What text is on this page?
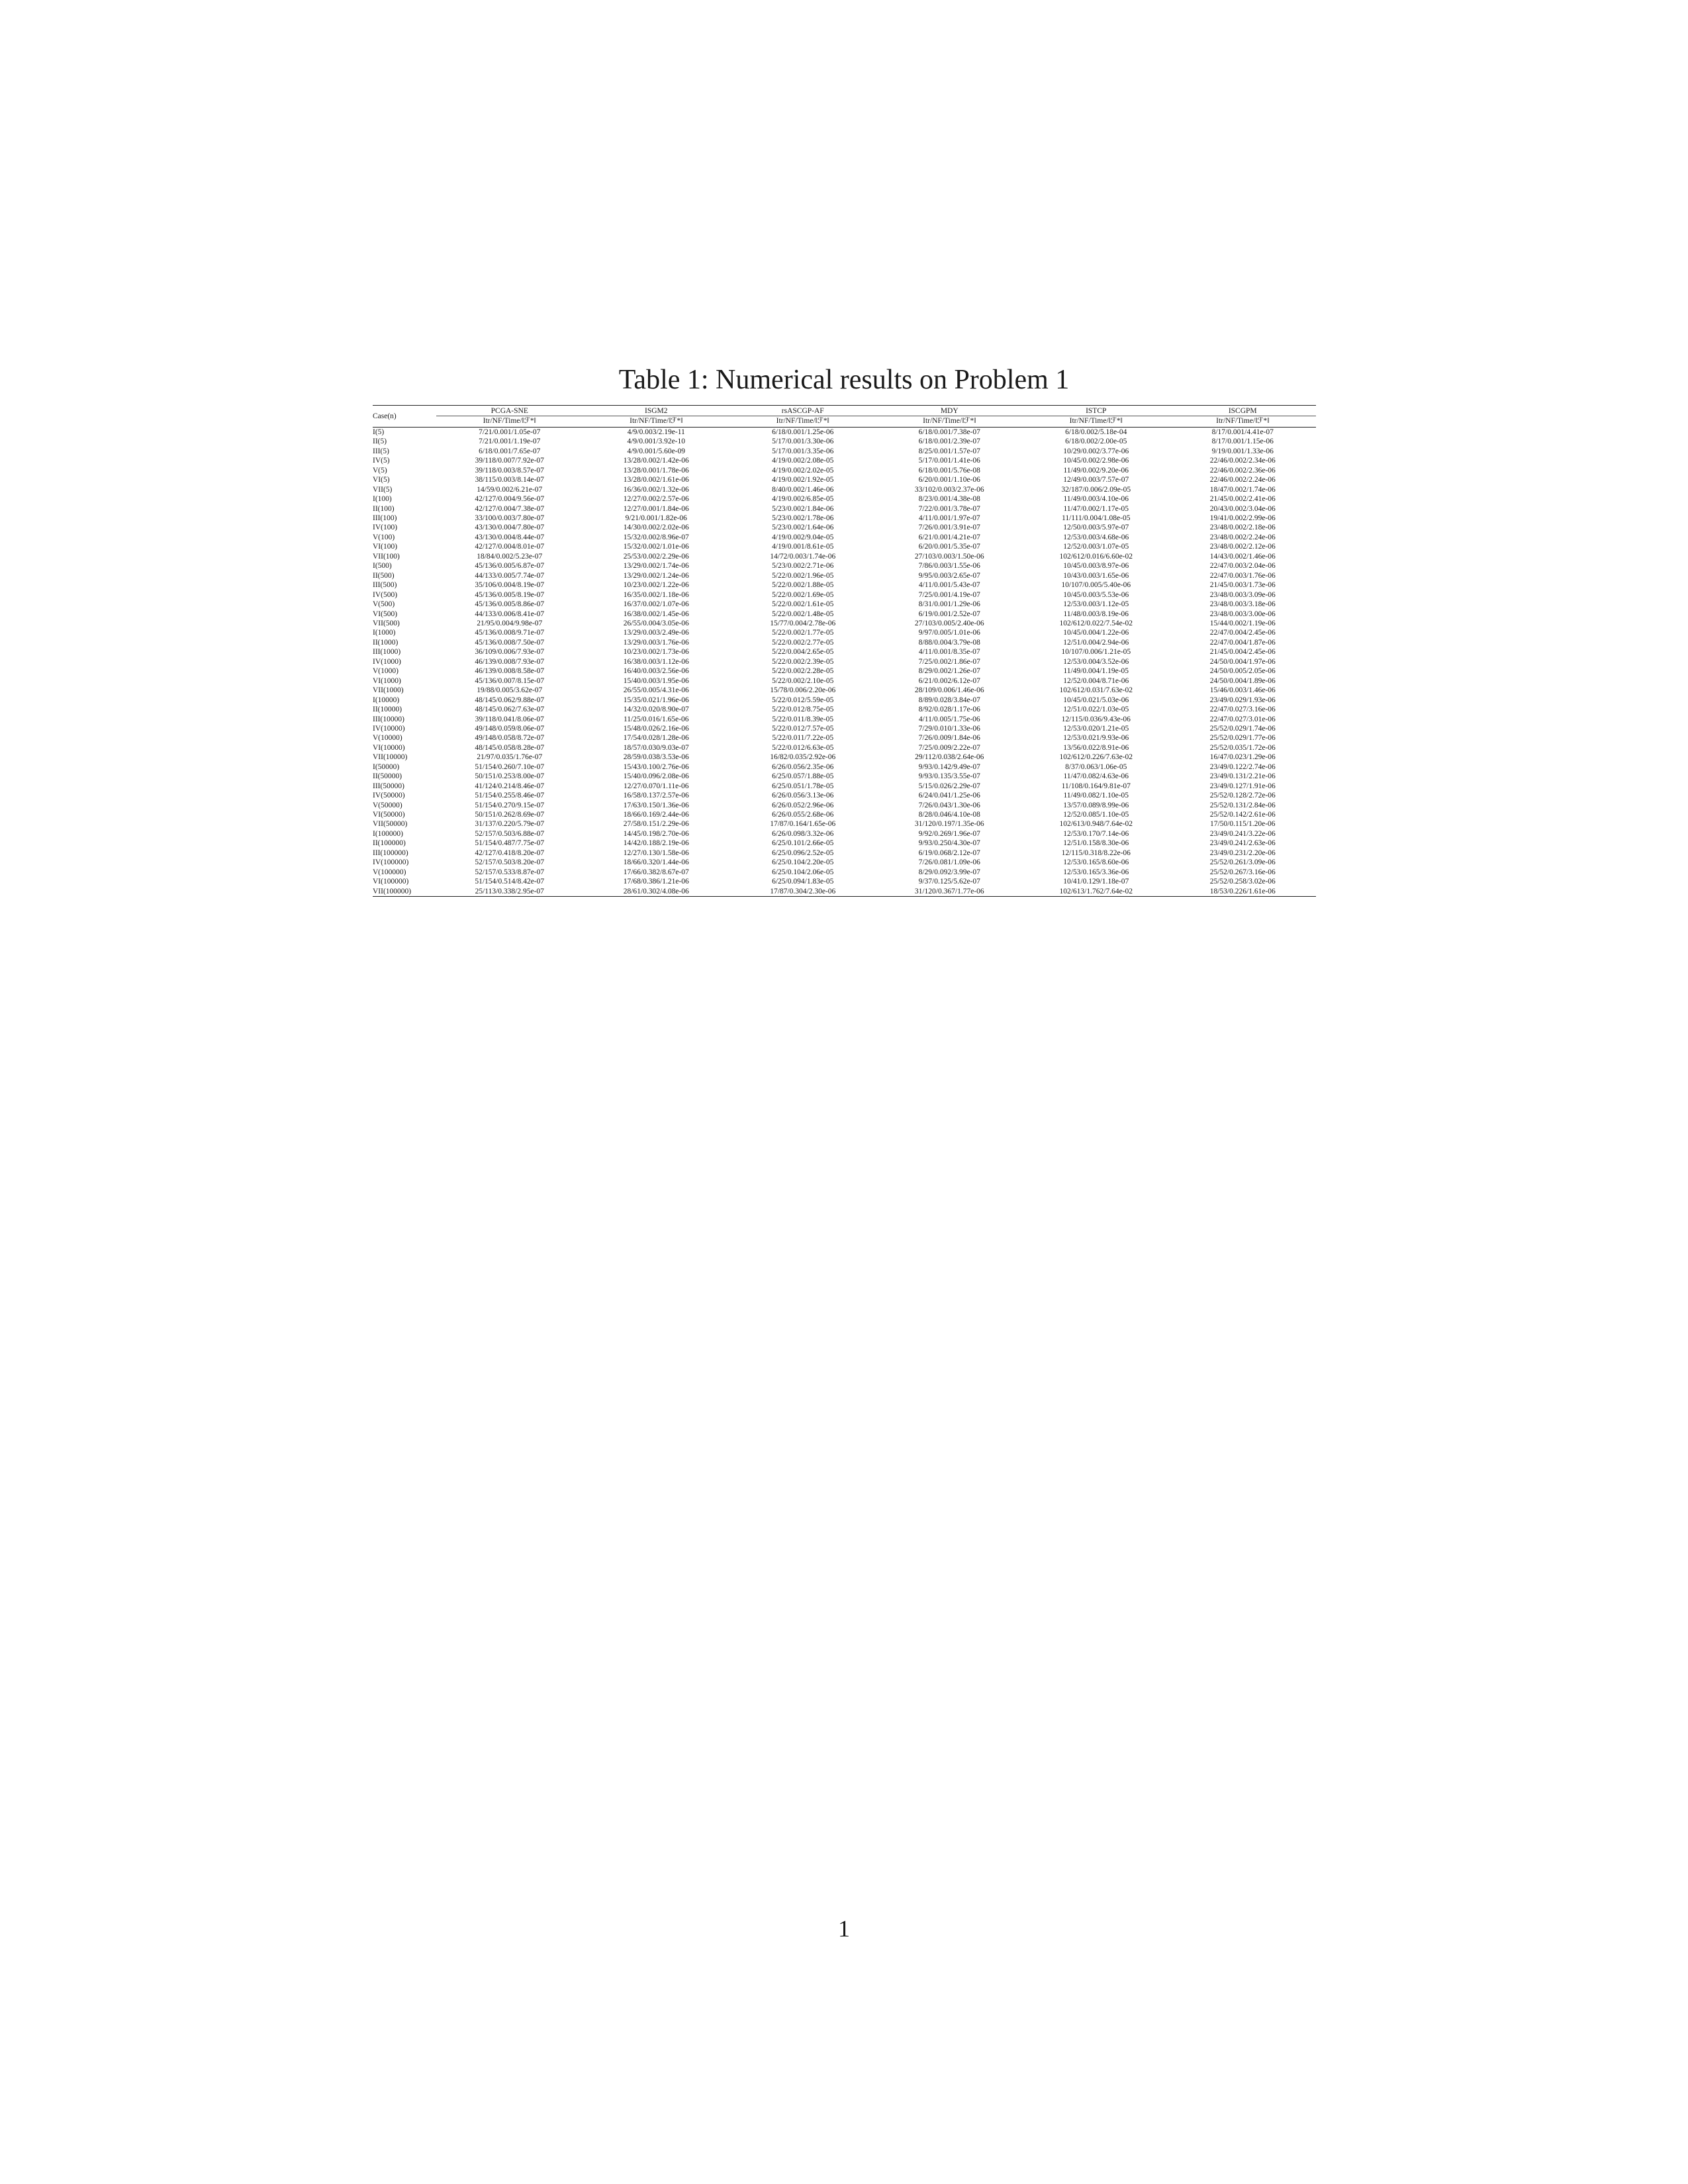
Table 1: Numerical results on Problem 1
Case(n)	PCGA-SNE	ISGM2	rsASCGP-AF	MDY	ISTCP	ISCGPM
	Itr/NF/Time/‖ℱ*‖	Itr/NF/Time/‖ℱ*‖	Itr/NF/Time/‖ℱ*‖	Itr/NF/Time/‖ℱ*‖	Itr/NF/Time/‖ℱ*‖	Itr/NF/Time/‖ℱ*‖
I(5)	7/21/0.001/1.05e-07	4/9/0.003/2.19e-11	6/18/0.001/1.25e-06	6/18/0.001/7.38e-07	6/18/0.002/5.18e-04	8/17/0.001/4.41e-07
II(5)	7/21/0.001/1.19e-07	4/9/0.001/3.92e-10	5/17/0.001/3.30e-06	6/18/0.001/2.39e-07	6/18/0.002/2.00e-05	8/17/0.001/1.15e-06
III(5)	6/18/0.001/7.65e-07	4/9/0.001/5.60e-09	5/17/0.001/3.35e-06	8/25/0.001/1.57e-07	10/29/0.002/3.77e-06	9/19/0.001/1.33e-06
IV(5)	39/118/0.007/7.92e-07	13/28/0.002/1.42e-06	4/19/0.002/2.08e-05	5/17/0.001/1.41e-06	10/45/0.002/2.98e-06	22/46/0.002/2.34e-06
V(5)	39/118/0.003/8.57e-07	13/28/0.001/1.78e-06	4/19/0.002/2.02e-05	6/18/0.001/5.76e-08	11/49/0.002/9.20e-06	22/46/0.002/2.36e-06
VI(5)	38/115/0.003/8.14e-07	13/28/0.002/1.61e-06	4/19/0.002/1.92e-05	6/20/0.001/1.10e-06	12/49/0.003/7.57e-07	22/46/0.002/2.24e-06
VII(5)	14/59/0.002/6.21e-07	16/36/0.002/1.32e-06	8/40/0.002/1.46e-06	33/102/0.003/2.37e-06	32/187/0.006/2.09e-05	18/47/0.002/1.74e-06
I(100)	42/127/0.004/9.56e-07	12/27/0.002/2.57e-06	4/19/0.002/6.85e-05	8/23/0.001/4.38e-08	11/49/0.003/4.10e-06	21/45/0.002/2.41e-06
II(100)	42/127/0.004/7.38e-07	12/27/0.001/1.84e-06	5/23/0.002/1.84e-06	7/22/0.001/3.78e-07	11/47/0.002/1.17e-05	20/43/0.002/3.04e-06
III(100)	33/100/0.003/7.80e-07	9/21/0.001/1.82e-06	5/23/0.002/1.78e-06	4/11/0.001/1.97e-07	11/111/0.004/1.08e-05	19/41/0.002/2.99e-06
IV(100)	43/130/0.004/7.80e-07	14/30/0.002/2.02e-06	5/23/0.002/1.64e-06	7/26/0.001/3.91e-07	12/50/0.003/5.97e-07	23/48/0.002/2.18e-06
V(100)	43/130/0.004/8.44e-07	15/32/0.002/8.96e-07	4/19/0.002/9.04e-05	6/21/0.001/4.21e-07	12/53/0.003/4.68e-06	23/48/0.002/2.24e-06
VI(100)	42/127/0.004/8.01e-07	15/32/0.002/1.01e-06	4/19/0.001/8.61e-05	6/20/0.001/5.35e-07	12/52/0.003/1.07e-05	23/48/0.002/2.12e-06
VII(100)	18/84/0.002/5.23e-07	25/53/0.002/2.29e-06	14/72/0.003/1.74e-06	27/103/0.003/1.50e-06	102/612/0.016/6.60e-02	14/43/0.002/1.46e-06
I(500)	45/136/0.005/6.87e-07	13/29/0.002/1.74e-06	5/23/0.002/2.71e-06	7/86/0.003/1.55e-06	10/45/0.003/8.97e-06	22/47/0.003/2.04e-06
II(500)	44/133/0.005/7.74e-07	13/29/0.002/1.24e-06	5/22/0.002/1.96e-05	9/95/0.003/2.65e-07	10/43/0.003/1.65e-06	22/47/0.003/1.76e-06
III(500)	35/106/0.004/8.19e-07	10/23/0.002/1.22e-06	5/22/0.002/1.88e-05	4/11/0.001/5.43e-07	10/107/0.005/5.40e-06	21/45/0.003/1.73e-06
IV(500)	45/136/0.005/8.19e-07	16/35/0.002/1.18e-06	5/22/0.002/1.69e-05	7/25/0.001/4.19e-07	10/45/0.003/5.53e-06	23/48/0.003/3.09e-06
V(500)	45/136/0.005/8.86e-07	16/37/0.002/1.07e-06	5/22/0.002/1.61e-05	8/31/0.001/1.29e-06	12/53/0.003/1.12e-05	23/48/0.003/3.18e-06
VI(500)	44/133/0.006/8.41e-07	16/38/0.002/1.45e-06	5/22/0.002/1.48e-05	6/19/0.001/2.52e-07	11/48/0.003/8.19e-06	23/48/0.003/3.00e-06
VII(500)	21/95/0.004/9.98e-07	26/55/0.004/3.05e-06	15/77/0.004/2.78e-06	27/103/0.005/2.40e-06	102/612/0.022/7.54e-02	15/44/0.002/1.19e-06
I(1000)	45/136/0.008/9.71e-07	13/29/0.003/2.49e-06	5/22/0.002/1.77e-05	9/97/0.005/1.01e-06	10/45/0.004/1.22e-06	22/47/0.004/2.45e-06
II(1000)	45/136/0.008/7.50e-07	13/29/0.003/1.76e-06	5/22/0.002/2.77e-05	8/88/0.004/3.79e-08	12/51/0.004/2.94e-06	22/47/0.004/1.87e-06
III(1000)	36/109/0.006/7.93e-07	10/23/0.002/1.73e-06	5/22/0.004/2.65e-05	4/11/0.001/8.35e-07	10/107/0.006/1.21e-05	21/45/0.004/2.45e-06
IV(1000)	46/139/0.008/7.93e-07	16/38/0.003/1.12e-06	5/22/0.002/2.39e-05	7/25/0.002/1.86e-07	12/53/0.004/3.52e-06	24/50/0.004/1.97e-06
V(1000)	46/139/0.008/8.58e-07	16/40/0.003/2.56e-06	5/22/0.002/2.28e-05	8/29/0.002/1.26e-07	11/49/0.004/1.19e-05	24/50/0.005/2.05e-06
VI(1000)	45/136/0.007/8.15e-07	15/40/0.003/1.95e-06	5/22/0.002/2.10e-05	6/21/0.002/6.12e-07	12/52/0.004/8.71e-06	24/50/0.004/1.89e-06
VII(1000)	19/88/0.005/3.62e-07	26/55/0.005/4.31e-06	15/78/0.006/2.20e-06	28/109/0.006/1.46e-06	102/612/0.031/7.63e-02	15/46/0.003/1.46e-06
I(10000)	48/145/0.062/9.88e-07	15/35/0.021/1.96e-06	5/22/0.012/5.59e-05	8/89/0.028/3.84e-07	10/45/0.021/5.03e-06	23/49/0.029/1.93e-06
II(10000)	48/145/0.062/7.63e-07	14/32/0.020/8.90e-07	5/22/0.012/8.75e-05	8/92/0.028/1.17e-06	12/51/0.022/1.03e-05	22/47/0.027/3.16e-06
III(10000)	39/118/0.041/8.06e-07	11/25/0.016/1.65e-06	5/22/0.011/8.39e-05	4/11/0.005/1.75e-06	12/115/0.036/9.43e-06	22/47/0.027/3.01e-06
IV(10000)	49/148/0.059/8.06e-07	15/48/0.026/2.16e-06	5/22/0.012/7.57e-05	7/29/0.010/1.33e-06	12/53/0.020/1.21e-05	25/52/0.029/1.74e-06
V(10000)	49/148/0.058/8.72e-07	17/54/0.028/1.28e-06	5/22/0.011/7.22e-05	7/26/0.009/1.84e-06	12/53/0.021/9.93e-06	25/52/0.029/1.77e-06
VI(10000)	48/145/0.058/8.28e-07	18/57/0.030/9.03e-07	5/22/0.012/6.63e-05	7/25/0.009/2.22e-07	13/56/0.022/8.91e-06	25/52/0.035/1.72e-06
VII(10000)	21/97/0.035/1.76e-07	28/59/0.038/3.53e-06	16/82/0.035/2.92e-06	29/112/0.038/2.64e-06	102/612/0.226/7.63e-02	16/47/0.023/1.29e-06
I(50000)	51/154/0.260/7.10e-07	15/43/0.100/2.76e-06	6/26/0.056/2.35e-06	9/93/0.142/9.49e-07	8/37/0.063/1.06e-05	23/49/0.122/2.74e-06
II(50000)	50/151/0.253/8.00e-07	15/40/0.096/2.08e-06	6/25/0.057/1.88e-05	9/93/0.135/3.55e-07	11/47/0.082/4.63e-06	23/49/0.131/2.21e-06
III(50000)	41/124/0.214/8.46e-07	12/27/0.070/1.11e-06	6/25/0.051/1.78e-05	5/15/0.026/2.29e-07	11/108/0.164/9.81e-07	23/49/0.127/1.91e-06
IV(50000)	51/154/0.255/8.46e-07	16/58/0.137/2.57e-06	6/26/0.056/3.13e-06	6/24/0.041/1.25e-06	11/49/0.082/1.10e-05	25/52/0.128/2.72e-06
V(50000)	51/154/0.270/9.15e-07	17/63/0.150/1.36e-06	6/26/0.052/2.96e-06	7/26/0.043/1.30e-06	13/57/0.089/8.99e-06	25/52/0.131/2.84e-06
VI(50000)	50/151/0.262/8.69e-07	18/66/0.169/2.44e-06	6/26/0.055/2.68e-06	8/28/0.046/4.10e-08	12/52/0.085/1.10e-05	25/52/0.142/2.61e-06
VII(50000)	31/137/0.220/5.79e-07	27/58/0.151/2.29e-06	17/87/0.164/1.65e-06	31/120/0.197/1.35e-06	102/613/0.948/7.64e-02	17/50/0.115/1.20e-06
I(100000)	52/157/0.503/6.88e-07	14/45/0.198/2.70e-06	6/26/0.098/3.32e-06	9/92/0.269/1.96e-07	12/53/0.170/7.14e-06	23/49/0.241/3.22e-06
II(100000)	51/154/0.487/7.75e-07	14/42/0.188/2.19e-06	6/25/0.101/2.66e-05	9/93/0.250/4.30e-07	12/51/0.158/8.30e-06	23/49/0.241/2.63e-06
III(100000)	42/127/0.418/8.20e-07	12/27/0.130/1.58e-06	6/25/0.096/2.52e-05	6/19/0.068/2.12e-07	12/115/0.318/8.22e-06	23/49/0.231/2.20e-06
IV(100000)	52/157/0.503/8.20e-07	18/66/0.320/1.44e-06	6/25/0.104/2.20e-05	7/26/0.081/1.09e-06	12/53/0.165/8.60e-06	25/52/0.261/3.09e-06
V(100000)	52/157/0.533/8.87e-07	17/66/0.382/8.67e-07	6/25/0.104/2.06e-05	8/29/0.092/3.99e-07	12/53/0.165/3.36e-06	25/52/0.267/3.16e-06
VI(100000)	51/154/0.514/8.42e-07	17/68/0.386/1.21e-06	6/25/0.094/1.83e-05	9/37/0.125/5.62e-07	10/41/0.129/1.18e-07	25/52/0.258/3.02e-06
VII(100000)	25/113/0.338/2.95e-07	28/61/0.302/4.08e-06	17/87/0.304/2.30e-06	31/120/0.367/1.77e-06	102/613/1.762/7.64e-02	18/53/0.226/1.61e-06
1
